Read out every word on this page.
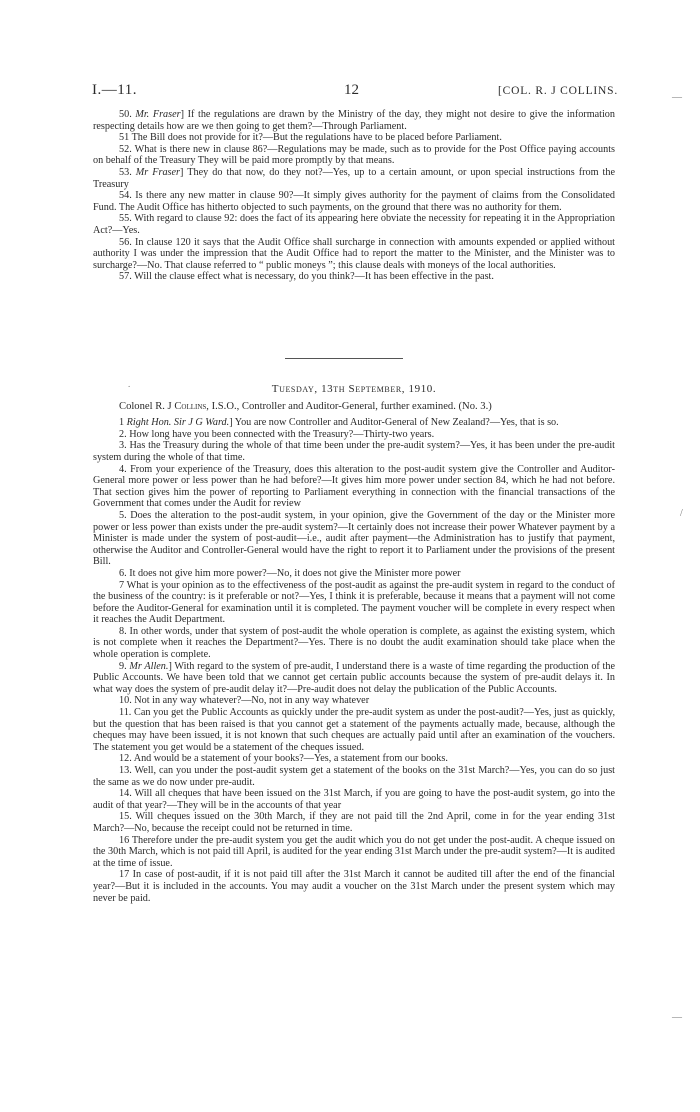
I.—11.	12	[COL. R. J COLLINS.

50. Mr. Fraser] If the regulations are drawn by the Ministry of the day, they might not desire to give the information respecting details how are we then going to get them?—Through Parliament.

51 The Bill does not provide for it?—But the regulations have to be placed before Parliament.

52. What is there new in clause 86?—Regulations may be made, such as to provide for the Post Office paying accounts on behalf of the Treasury They will be paid more promptly by that means.

53. Mr Fraser] They do that now, do they not?—Yes, up to a certain amount, or upon special instructions from the Treasury

54. Is there any new matter in clause 90?—It simply gives authority for the payment of claims from the Consolidated Fund. The Audit Office has hitherto objected to such payments, on the ground that there was no authority for them.

55. With regard to clause 92: does the fact of its appearing here obviate the necessity for repeating it in the Appropriation Act?—Yes.

56. In clause 120 it says that the Audit Office shall surcharge in connection with amounts expended or applied without authority I was under the impression that the Audit Office had to report the matter to the Minister, and the Minister was to surcharge?—No. That clause referred to “ public moneys ”; this clause deals with moneys of the local authorities.

57. Will the clause effect what is necessary, do you think?—It has been effective in the past.

.	Tuesday, 13th September, 1910.

Colonel R. J Collins, I.S.O., Controller and Auditor-General, further examined. (No. 3.)

1 Right Hon. Sir J G Ward.] You are now Controller and Auditor-General of New Zealand?—Yes, that is so.

2. How long have you been connected with the Treasury?—Thirty-two years.

3. Has the Treasury during the whole of that time been under the pre-audit system?—Yes, it has been under the pre-audit system during the whole of that time.

4. From your experience of the Treasury, does this alteration to the post-audit system give the Controller and Auditor-General more power or less power than he had before?—It gives him more power under section 84, which he had not before. That section gives him the power of reporting to Parliament everything in connection with the financial transactions of the Government that comes under the Audit for review

5. Does the alteration to the post-audit system, in your opinion, give the Government of the day or the Minister more power or less power than exists under the pre-audit system?—It certainly does not increase their power Whatever payment by a Minister is made under the system of post-audit—i.e., audit after payment—the Administration has to justify that payment, otherwise the Auditor and Controller-General would have the right to report it to Parliament under the provisions of the present Bill.

6. It does not give him more power?—No, it does not give the Minister more power

7 What is your opinion as to the effectiveness of the post-audit as against the pre-audit system in regard to the conduct of the business of the country: is it preferable or not?—Yes, I think it is preferable, because it means that a payment will not come before the Auditor-General for examination until it is completed. The payment voucher will be complete in every respect when it reaches the Audit Department.

8. In other words, under that system of post-audit the whole operation is complete, as against the existing system, which is not complete when it reaches the Department?—Yes. There is no doubt the audit examination should take place when the whole operation is complete.

9. Mr Allen.] With regard to the system of pre-audit, I understand there is a waste of time regarding the production of the Public Accounts. We have been told that we cannot get certain public accounts because the system of pre-audit delays it. In what way does the system of pre-audit delay it?—Pre-audit does not delay the publication of the Public Accounts.

10. Not in any way whatever?—No, not in any way whatever

11. Can you get the Public Accounts as quickly under the pre-audit system as under the post-audit?—Yes, just as quickly, but the question that has been raised is that you cannot get a statement of the payments actually made, because, although the cheques may have been issued, it is not known that such cheques are actually paid until after an examination of the vouchers. The statement you get would be a statement of the cheques issued.

12. And would be a statement of your books?—Yes, a statement from our books.

13. Well, can you under the post-audit system get a statement of the books on the 31st March?—Yes, you can do so just the same as we do now under pre-audit.

14. Will all cheques that have been issued on the 31st March, if you are going to have the post-audit system, go into the audit of that year?—They will be in the accounts of that year

15. Will cheques issued on the 30th March, if they are not paid till the 2nd April, come in for the year ending 31st March?—No, because the receipt could not be returned in time.

16 Therefore under the pre-audit system you get the audit which you do not get under the post-audit. A cheque issued on the 30th March, which is not paid till April, is audited for the year ending 31st March under the pre-audit system?—It is audited at the time of issue.

17 In case of post-audit, if it is not paid till after the 31st March it cannot be audited till after the end of the financial year?—But it is included in the accounts. You may audit a voucher on the 31st March under the present system which may never be paid.

—
/
—
